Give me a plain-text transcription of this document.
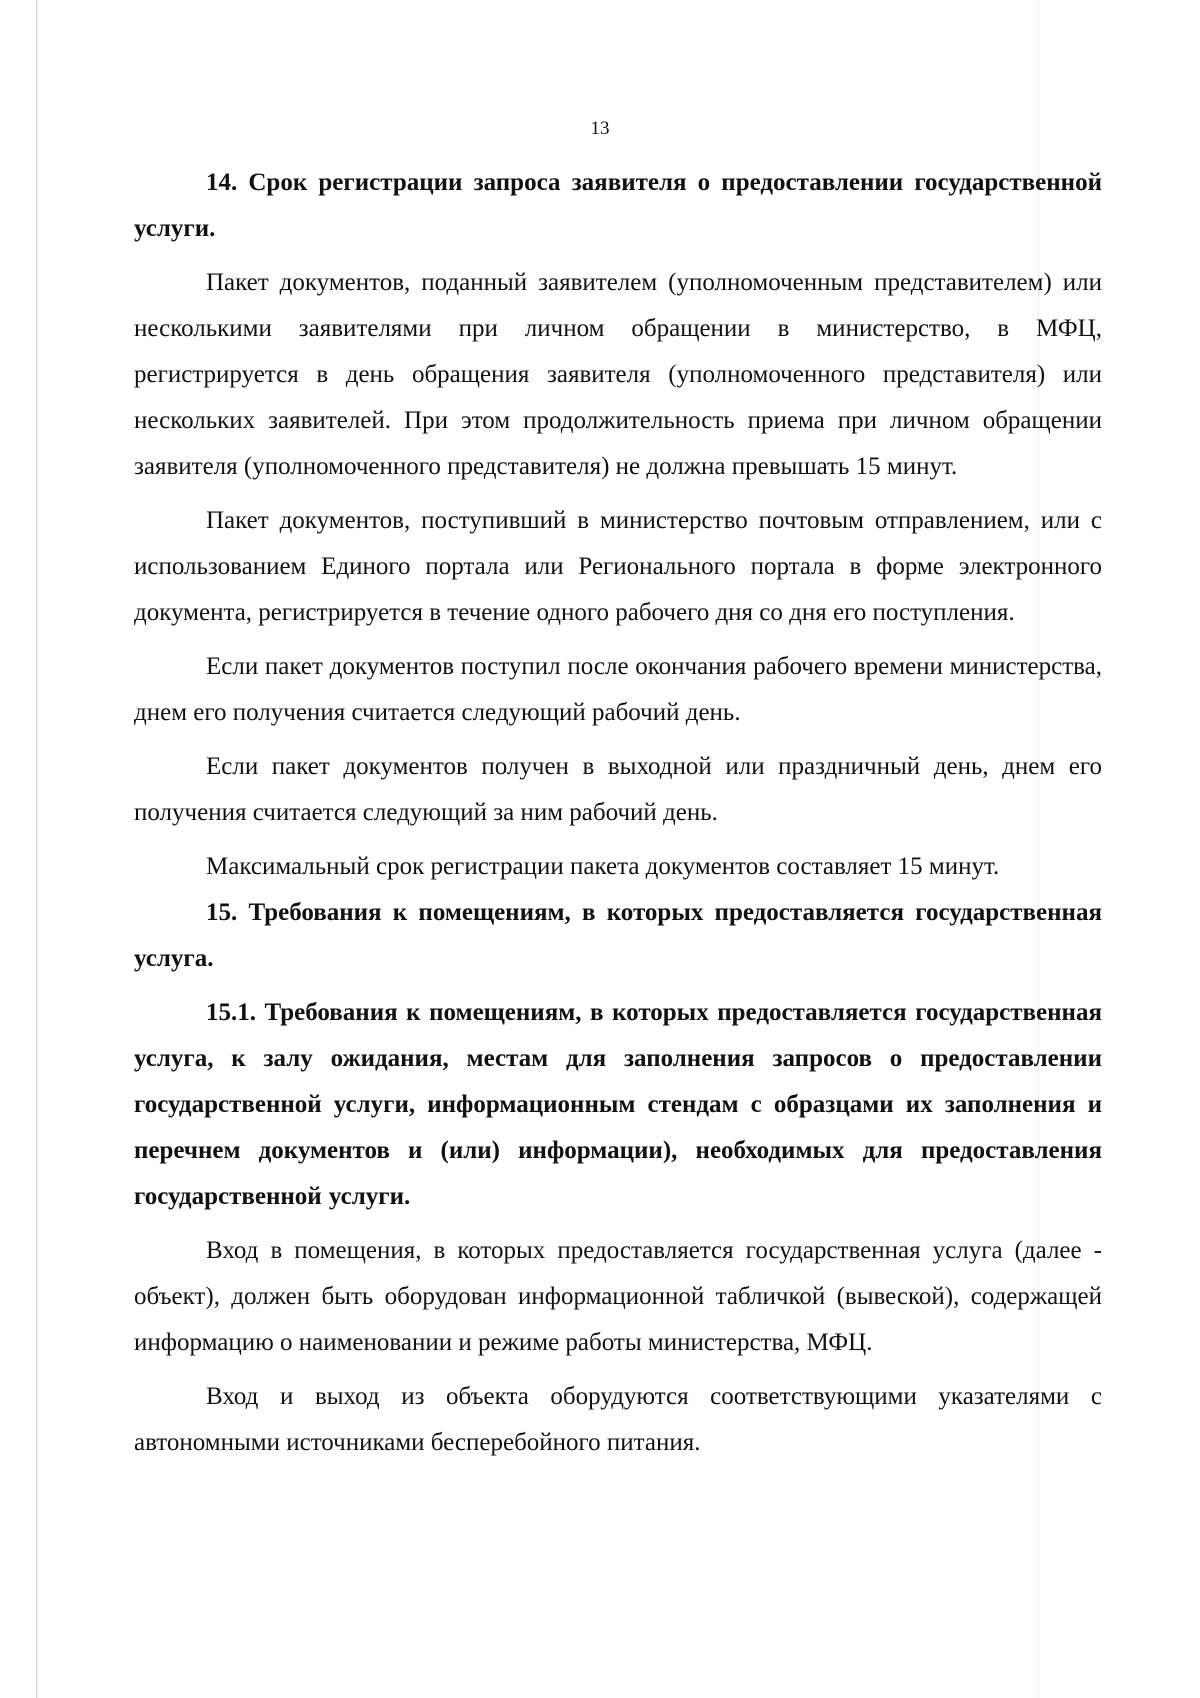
13

14. Срок регистрации запроса заявителя о предоставлении государственной услуги.

Пакет документов, поданный заявителем (уполномоченным представителем) или несколькими заявителями при личном обращении в министерство, в МФЦ, регистрируется в день обращения заявителя (уполномоченного представителя) или нескольких заявителей. При этом продолжительность приема при личном обращении заявителя (уполномоченного представителя) не должна превышать 15 минут.

Пакет документов, поступивший в министерство почтовым отправлением, или с использованием Единого портала или Регионального портала в форме электронного документа, регистрируется в течение одного рабочего дня со дня его поступления.

Если пакет документов поступил после окончания рабочего времени министерства, днем его получения считается следующий рабочий день.

Если пакет документов получен в выходной или праздничный день, днем его получения считается следующий за ним рабочий день.

Максимальный срок регистрации пакета документов составляет 15 минут.

15. Требования к помещениям, в которых предоставляется государственная услуга.

15.1. Требования к помещениям, в которых предоставляется государственная услуга, к залу ожидания, местам для заполнения запросов о предоставлении государственной услуги, информационным стендам с образцами их заполнения и перечнем документов и (или) информации), необходимых для предоставления государственной услуги.

Вход в помещения, в которых предоставляется государственная услуга (далее - объект), должен быть оборудован информационной табличкой (вывеской), содержащей информацию о наименовании и режиме работы министерства, МФЦ.

Вход и выход из объекта оборудуются соответствующими указателями с автономными источниками бесперебойного питания.
